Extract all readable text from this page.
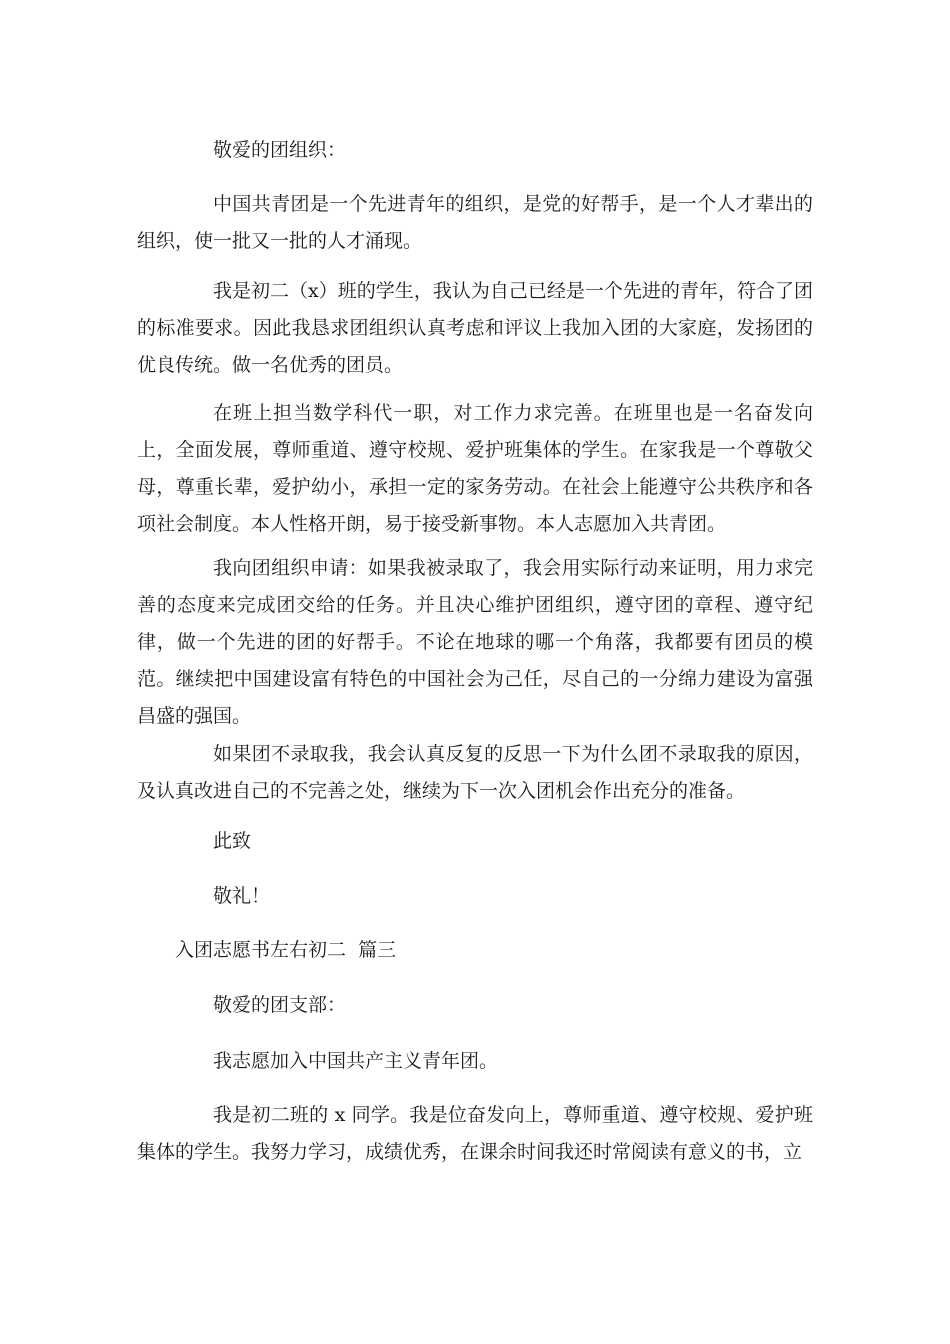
敬爱的团组织：

中国共青团是一个先进青年的组织，是党的好帮手，是一个人才辈出的组织，使一批又一批的人才涌现。

我是初二（x）班的学生，我认为自己已经是一个先进的青年，符合了团的标准要求。因此我恳求团组织认真考虑和评议上我加入团的大家庭，发扬团的优良传统。做一名优秀的团员。

在班上担当数学科代一职，对工作力求完善。在班里也是一名奋发向上，全面发展，尊师重道、遵守校规、爱护班集体的学生。在家我是一个尊敬父母，尊重长辈，爱护幼小，承担一定的家务劳动。在社会上能遵守公共秩序和各项社会制度。本人性格开朗，易于接受新事物。本人志愿加入共青团。

我向团组织申请：如果我被录取了，我会用实际行动来证明，用力求完善的态度来完成团交给的任务。并且决心维护团组织，遵守团的章程、遵守纪律，做一个先进的团的好帮手。不论在地球的哪一个角落，我都要有团员的模范。继续把中国建设富有特色的中国社会为己任，尽自己的一分绵力建设为富强昌盛的强国。

如果团不录取我，我会认真反复的反思一下为什么团不录取我的原因，及认真改进自己的不完善之处，继续为下一次入团机会作出充分的准备。

此致

敬礼！

入团志愿书左右初二  篇三

敬爱的团支部：

我志愿加入中国共产主义青年团。

我是初二班的 x 同学。我是位奋发向上，尊师重道、遵守校规、爱护班集体的学生。我努力学习，成绩优秀，在课余时间我还时常阅读有意义的书，立
